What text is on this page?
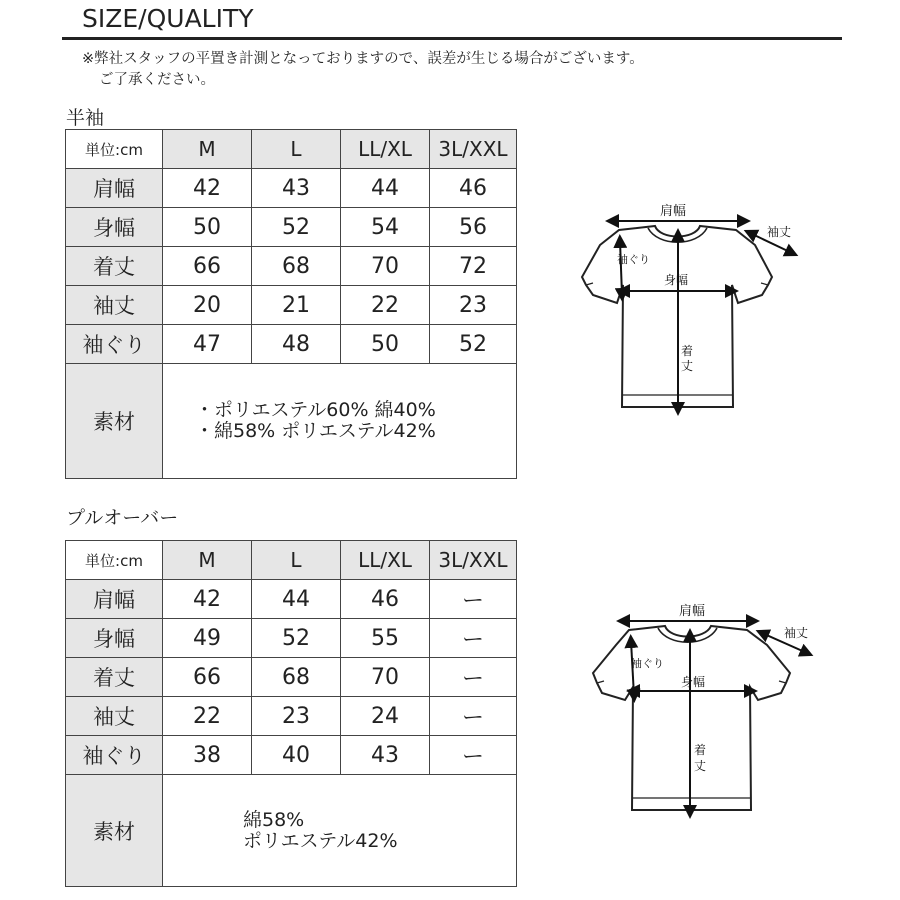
SIZE/QUALITY
※弊社スタッフの平置き計測となっておりますので、誤差が生じる場合がございます。
ご了承ください。
半袖
単位:cm	M	L	LL/XL	3L/XXL
肩幅	42	43	44	46
身幅	50	52	54	56
着丈	66	68	70	72
袖丈	20	21	22	23
袖ぐり	47	48	50	52
素材	・ポリエステル60% 綿40%
・綿58% ポリエステル42%			
肩幅
袖丈
袖ぐり
身幅
着
丈
プルオーバー
単位:cm	M	L	LL/XL	3L/XXL
肩幅	42	44	46	ー
身幅	49	52	55	ー
着丈	66	68	70	ー
袖丈	22	23	24	ー
袖ぐり	38	40	43	ー
素材	綿58%
ポリエステル42%			
肩幅
袖丈
袖ぐり
身幅
着
丈
